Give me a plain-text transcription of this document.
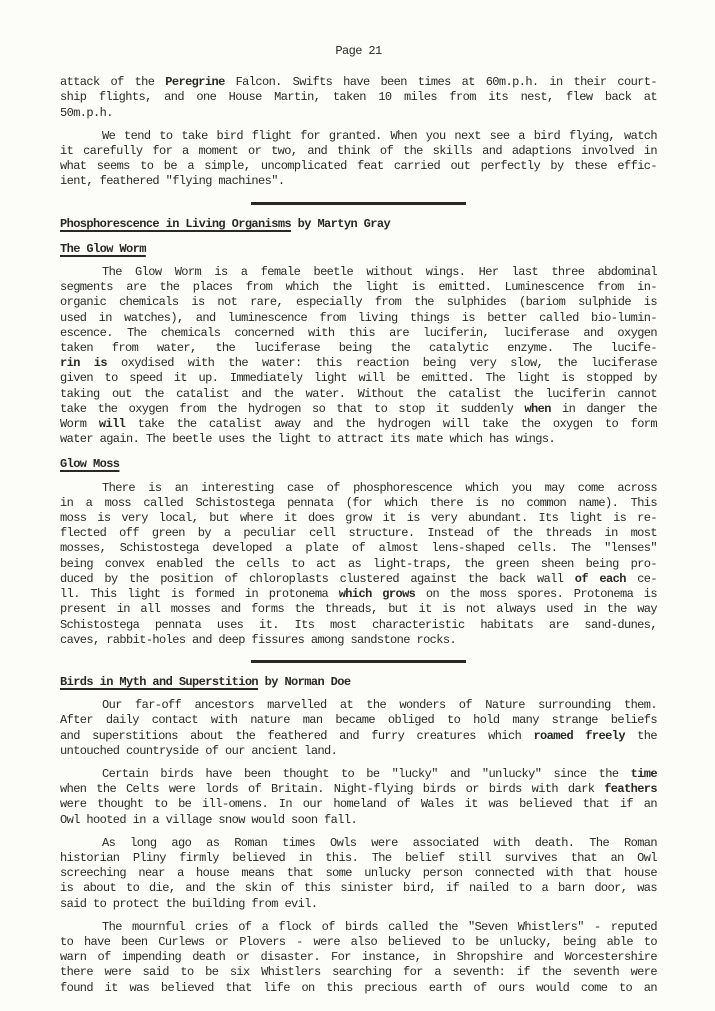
Page 21
attack of the Peregrine Falcon. Swifts have been times at 60m.p.h. in their court-
ship flights, and one House Martin, taken 10 miles from its nest, flew back at
50m.p.h.
We tend to take bird flight for granted. When you next see a bird flying, watch
it carefully for a moment or two, and think of the skills and adaptions involved in
what seems to be a simple, uncomplicated feat carried out perfectly by these effic-
ient, feathered "flying machines".
Phosphorescence in Living Organisms by Martyn Gray
The Glow Worm
The Glow Worm is a female beetle without wings. Her last three abdominal
segments are the places from which the light is emitted. Luminescence from in-
organic chemicals is not rare, especially from the sulphides (bariom sulphide is
used in watches), and luminescence from living things is better called bio-lumin-
escence. The chemicals concerned with this are luciferin, luciferase and oxygen
taken from water, the luciferase being the catalytic enzyme. The lucife-
rin is oxydised with the water: this reaction being very slow, the luciferase
given to speed it up. Immediately light will be emitted. The light is stopped by
taking out the catalist and the water. Without the catalist the luciferin cannot
take the oxygen from the hydrogen so that to stop it suddenly when in danger the
Worm will take the catalist away and the hydrogen will take the oxygen to form
water again. The beetle uses the light to attract its mate which has wings.
Glow Moss
There is an interesting case of phosphorescence which you may come across
in a moss called Schistostega pennata (for which there is no common name). This
moss is very local, but where it does grow it is very abundant. Its light is re-
flected off green by a peculiar cell structure. Instead of the threads in most
mosses, Schistostega developed a plate of almost lens-shaped cells. The "lenses"
being convex enabled the cells to act as light-traps, the green sheen being pro-
duced by the position of chloroplasts clustered against the back wall of each ce-
ll. This light is formed in protonema which grows on the moss spores. Protonema is
present in all mosses and forms the threads, but it is not always used in the way
Schistostega pennata uses it. Its most characteristic habitats are sand-dunes,
caves, rabbit-holes and deep fissures among sandstone rocks.
Birds in Myth and Superstition by Norman Doe
Our far-off ancestors marvelled at the wonders of Nature surrounding them.
After daily contact with nature man became obliged to hold many strange beliefs
and superstitions about the feathered and furry creatures which roamed freely the
untouched countryside of our ancient land.
Certain birds have been thought to be "lucky" and "unlucky" since the time
when the Celts were lords of Britain. Night-flying birds or birds with dark feathers
were thought to be ill-omens. In our homeland of Wales it was believed that if an
Owl hooted in a village snow would soon fall.
As long ago as Roman times Owls were associated with death. The Roman
historian Pliny firmly believed in this. The belief still survives that an Owl
screeching near a house means that some unlucky person connected with that house
is about to die, and the skin of this sinister bird, if nailed to a barn door, was
said to protect the building from evil.
The mournful cries of a flock of birds called the "Seven Whistlers" - reputed
to have been Curlews or Plovers - were also believed to be unlucky, being able to
warn of impending death or disaster. For instance, in Shropshire and Worcestershire
there were said to be six Whistlers searching for a seventh: if the seventh were
found it was believed that life on this precious earth of ours would come to an
